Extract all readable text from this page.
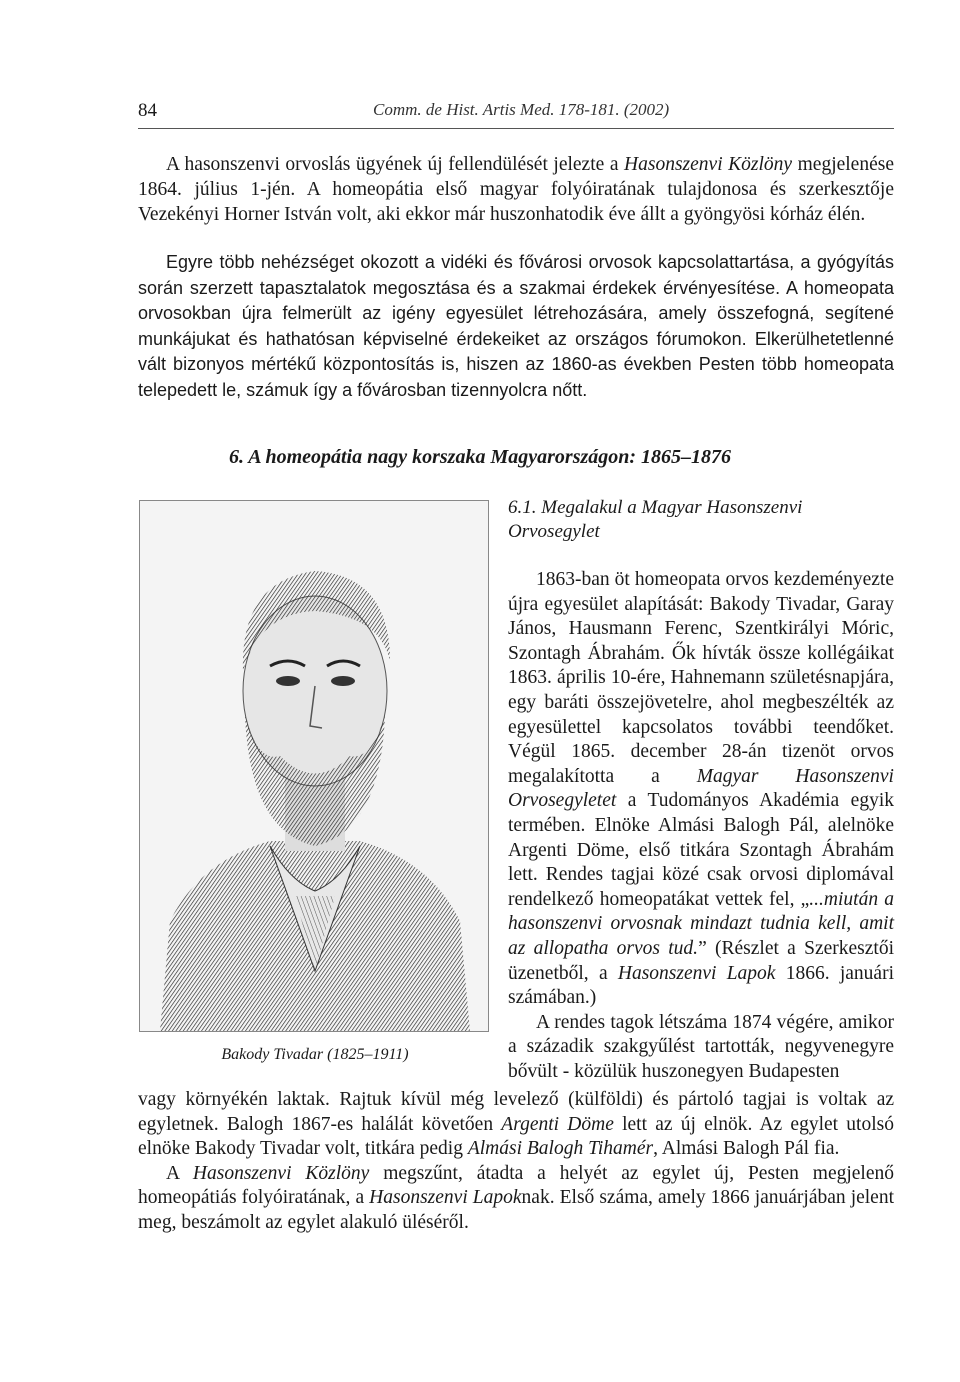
84	Comm. de Hist. Artis Med. 178-181. (2002)

A hasonszenvi orvoslás ügyének új fellendülését jelezte a Hasonszenvi Közlöny megjelenése 1864. július 1-jén. A homeopátia első magyar folyóiratának tulajdonosa és szerkesztője Vezekényi Horner István volt, aki ekkor már huszonhatodik éve állt a gyöngyösi kórház élén.

Egyre több nehézséget okozott a vidéki és fővárosi orvosok kapcsolattartása, a gyógyítás során szerzett tapasztalatok megosztása és a szakmai érdekek érvényesítése. A homeopata orvosokban újra felmerült az igény egyesület létrehozására, amely összefogná, segítené munkájukat és hathatósan képviselné érdekeiket az országos fórumokon. Elkerülhetetlenné vált bizonyos mértékű központosítás is, hiszen az 1860-as években Pesten több homeopata telepedett le, számuk így a fővárosban tizennyolcra nőtt.

6. A homeopátia nagy korszaka Magyarországon: 1865–1876
Bakody Tivadar (1825–1911)
6.1. Megalakul a Magyar Hasonszenvi Orvosegylet

1863-ban öt homeopata orvos kezdeményezte újra egyesület alapítását: Bakody Tivadar, Garay János, Hausmann Ferenc, Szentkirályi Móric, Szontagh Ábrahám. Ők hívták össze kollégáikat 1863. április 10-ére, Hahnemann születésnapjára, egy baráti összejövetelre, ahol megbeszélték az egyesülettel kapcsolatos további teendőket. Végül 1865. december 28-án tizenöt orvos megalakította a Magyar Hasonszenvi Orvosegyletet a Tudományos Akadémia egyik termében. Elnöke Almási Balogh Pál, alelnöke Argenti Döme, első titkára Szontagh Ábrahám lett. Rendes tagjai közé csak orvosi diplomával rendelkező homeopatákat vettek fel, „...miután a hasonszenvi orvosnak mindazt tudnia kell, amit az allopatha orvos tud.” (Részlet a Szerkesztői üzenetből, a Hasonszenvi Lapok 1866. januári számában.)

A rendes tagok létszáma 1874 végére, amikor a századik szakgyűlést tartották, negyvenegyre bővült - közülük huszonegyen Budapesten

vagy környékén laktak. Rajtuk kívül még levelező (külföldi) és pártoló tagjai is voltak az egyletnek. Balogh 1867-es halálát követően Argenti Döme lett az új elnök. Az egylet utolsó elnöke Bakody Tivadar volt, titkára pedig Almási Balogh Tihamér, Almási Balogh Pál fia.

A Hasonszenvi Közlöny megszűnt, átadta a helyét az egylet új, Pesten megjelenő homeopátiás folyóiratának, a Hasonszenvi Lapoknak. Első száma, amely 1866 januárjában jelent meg, beszámolt az egylet alakuló üléséről.
